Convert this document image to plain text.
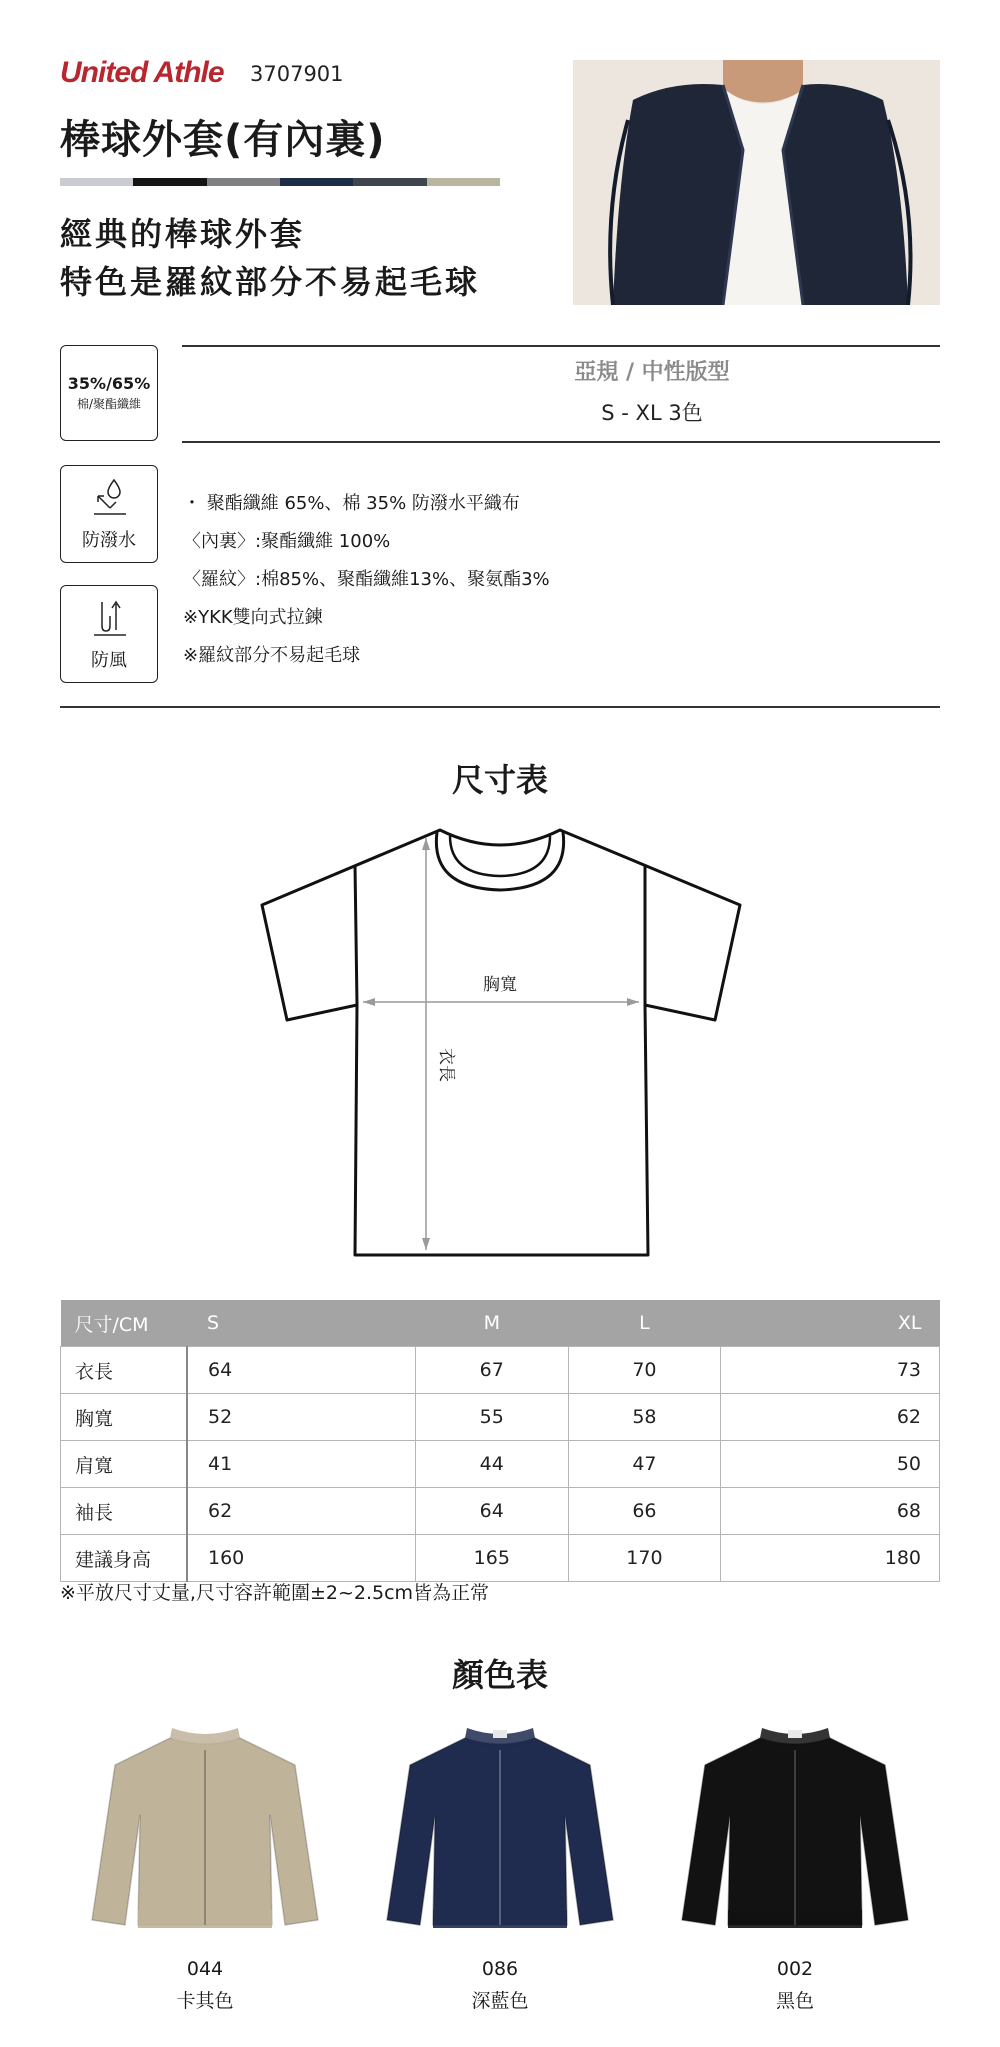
United Athle 3707901
棒球外套(有內裏)
經典的棒球外套
特色是羅紋部分不易起毛球
35%/65%
棉/聚酯纖維
防潑水
防風
亞規 / 中性版型
S - XL 3色
・ 聚酯纖維 65%、棉 35% 防潑水平織布
〈內裏〉:聚酯纖維 100%
〈羅紋〉:棉85%、聚酯纖維13%、聚氨酯3%
※YKK雙向式拉鍊
※羅紋部分不易起毛球
尺寸表
胸寬
衣長
尺寸/CM	S	M	L	XL
衣長	64	67	70	73
胸寬	52	55	58	62
肩寬	41	44	47	50
袖長	62	64	66	68
建議身高	160	165	170	180
※平放尺寸丈量,尺寸容許範圍±2~2.5cm皆為正常
顏色表
044
卡其色
086
深藍色
002
黑色
